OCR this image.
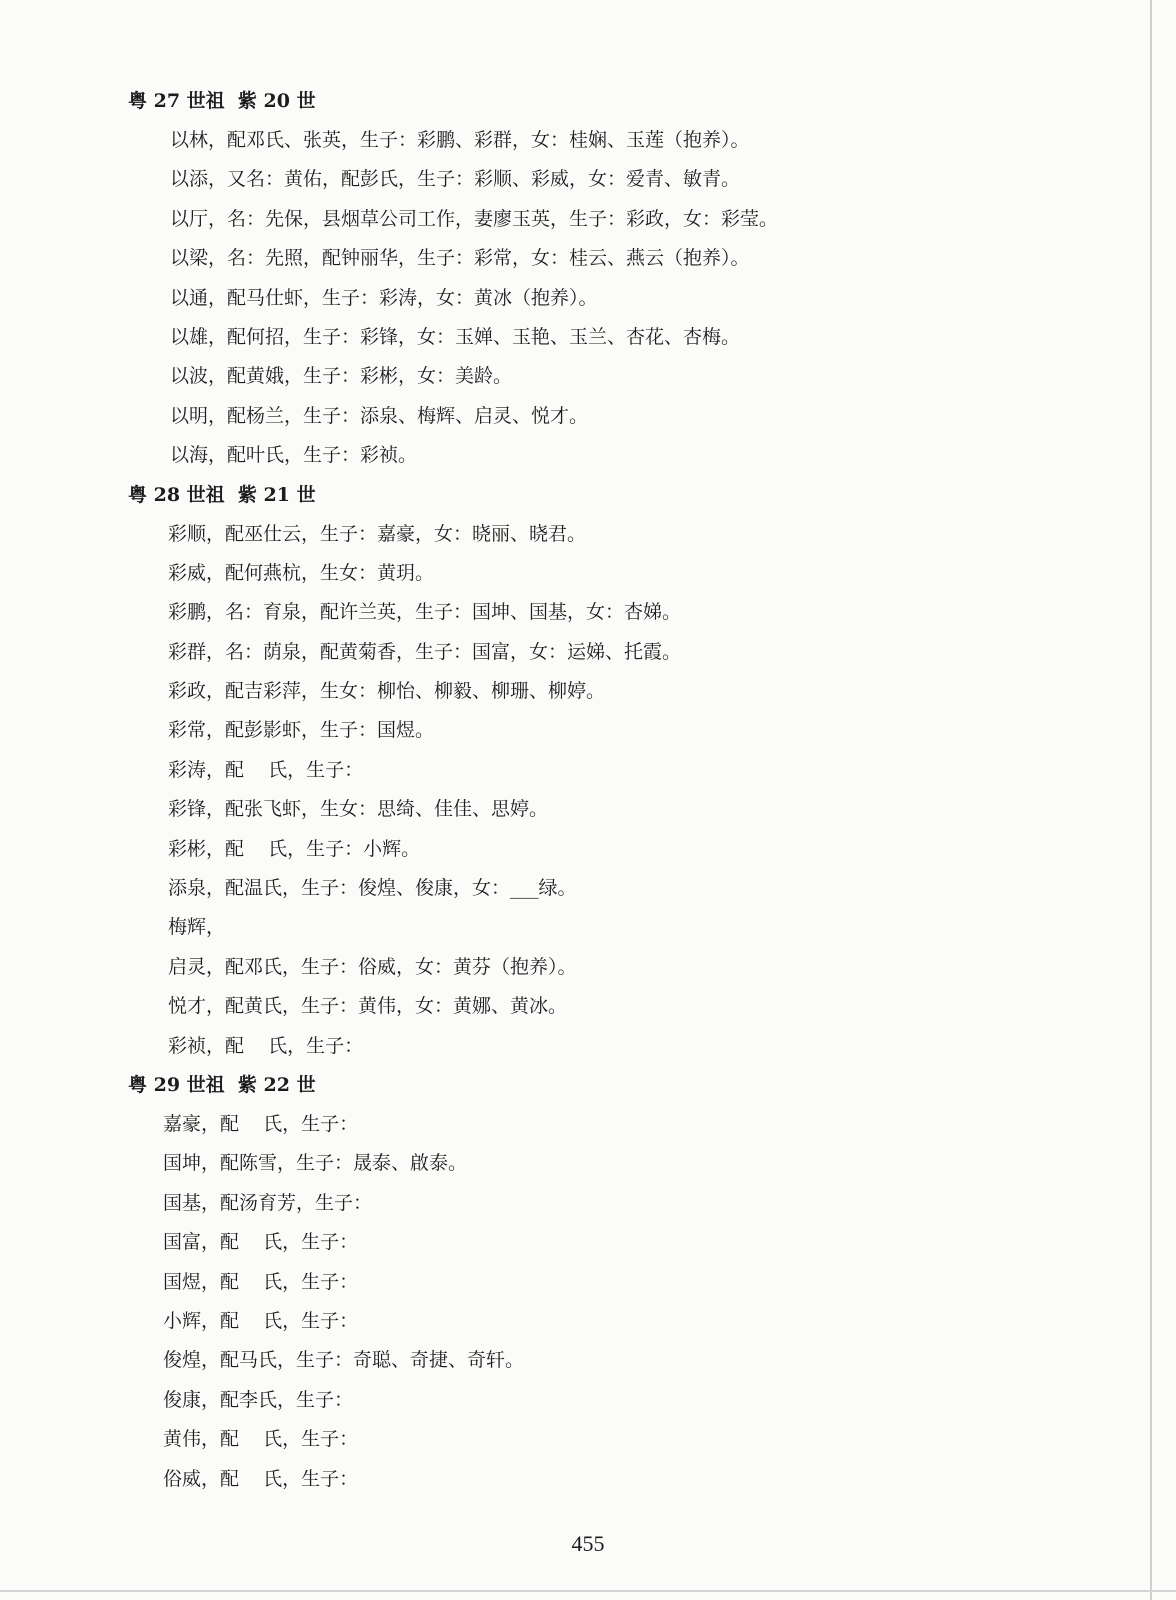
粤 27 世祖  紫 20 世
以林，配邓氏、张英，生子：彩鹏、彩群，女：桂娴、玉莲（抱养）。
以添，又名：黄佑，配彭氏，生子：彩顺、彩威，女：爱青、敏青。
以厅，名：先保，县烟草公司工作，妻廖玉英，生子：彩政，女：彩莹。
以梁，名：先照，配钟丽华，生子：彩常，女：桂云、燕云（抱养）。
以通，配马仕虾，生子：彩涛，女：黄冰（抱养）。
以雄，配何招，生子：彩锋，女：玉婵、玉艳、玉兰、杏花、杏梅。
以波，配黄娥，生子：彩彬，女：美龄。
以明，配杨兰，生子：添泉、梅辉、启灵、悦才。
以海，配叶氏，生子：彩祯。
粤 28 世祖  紫 21 世
彩顺，配巫仕云，生子：嘉豪，女：晓丽、晓君。
彩威，配何燕杭，生女：黄玥。
彩鹏，名：育泉，配许兰英，生子：国坤、国基，女：杏娣。
彩群，名：荫泉，配黄菊香，生子：国富，女：运娣、托霞。
彩政，配吉彩萍，生女：柳怡、柳毅、柳珊、柳婷。
彩常，配彭影虾，生子：国煜。
彩涛，配    氏，生子：
彩锋，配张飞虾，生女：思绮、佳佳、思婷。
彩彬，配    氏，生子：小辉。
添泉，配温氏，生子：俊煌、俊康，女：___绿。
梅辉，
启灵，配邓氏，生子：俗威，女：黄芬（抱养）。
悦才，配黄氏，生子：黄伟，女：黄娜、黄冰。
彩祯，配    氏，生子：
粤 29 世祖  紫 22 世
嘉豪，配    氏，生子：
国坤，配陈雪，生子：晟泰、啟泰。
国基，配汤育芳，生子：
国富，配    氏，生子：
国煜，配    氏，生子：
小辉，配    氏，生子：
俊煌，配马氏，生子：奇聪、奇捷、奇轩。
俊康，配李氏，生子：
黄伟，配    氏，生子：
俗威，配    氏，生子：
455
